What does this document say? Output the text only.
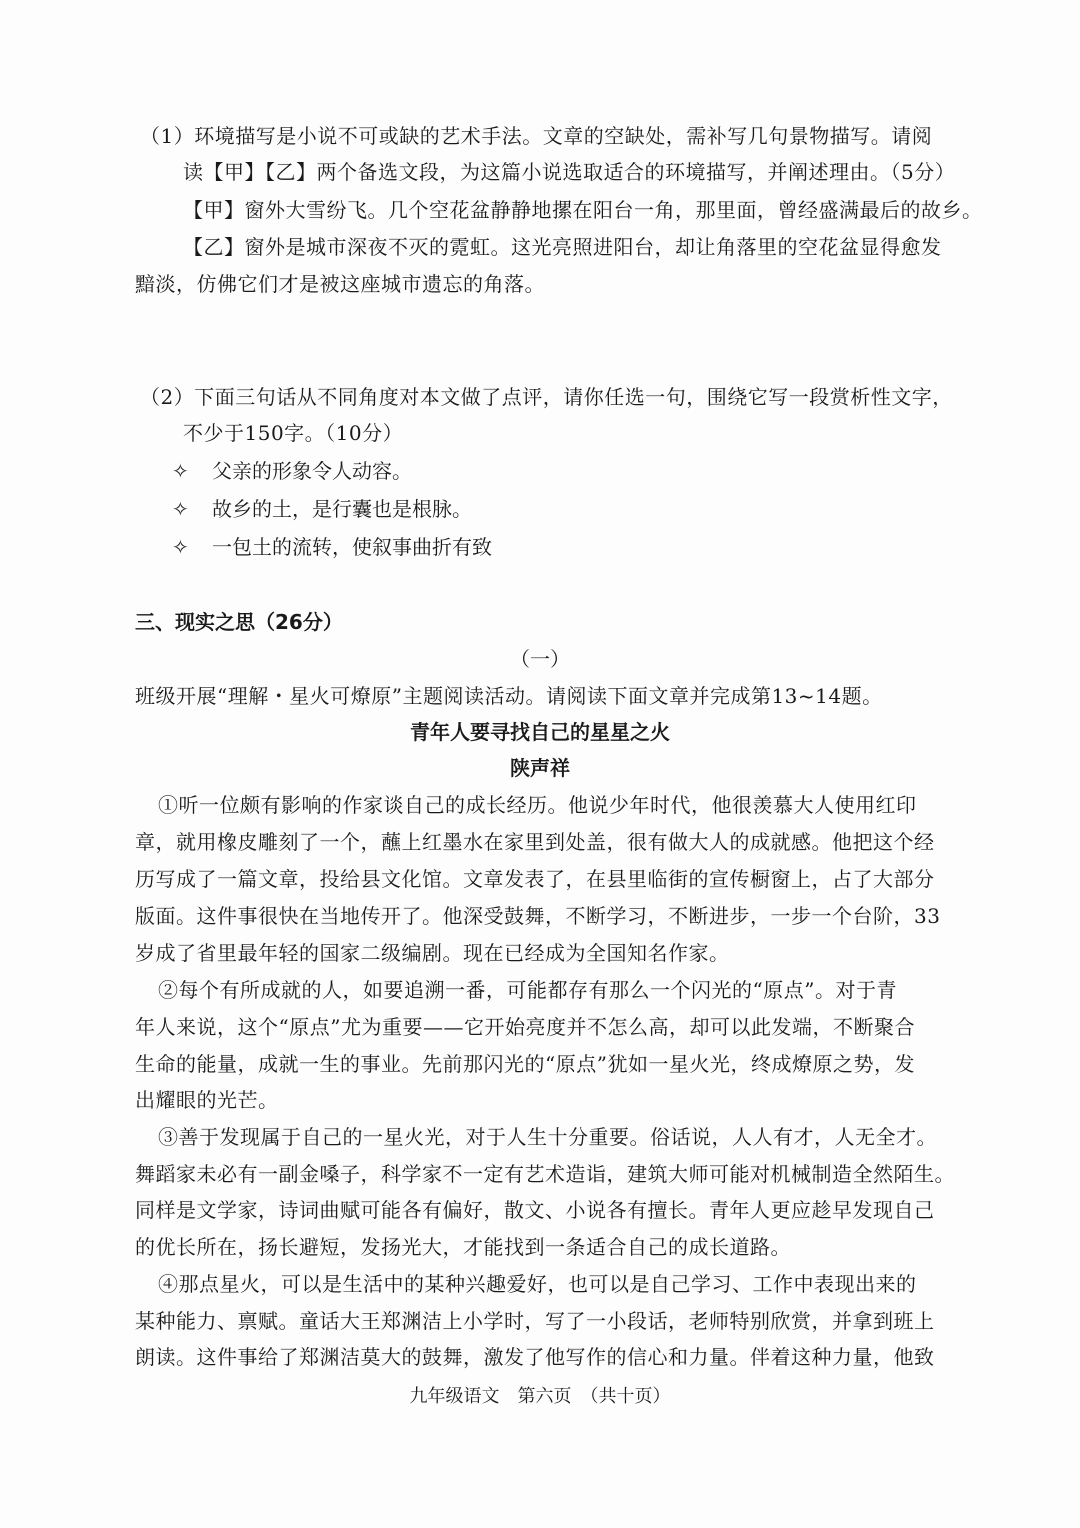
（1）环境描写是小说不可或缺的艺术手法。文章的空缺处，需补写几句景物描写。请阅
读【甲】【乙】两个备选文段，为这篇小说选取适合的环境描写，并阐述理由。（5分）
【甲】窗外大雪纷飞。几个空花盆静静地摞在阳台一角，那里面，曾经盛满最后的故乡。
【乙】窗外是城市深夜不灭的霓虹。这光亮照进阳台，却让角落里的空花盆显得愈发
黯淡，仿佛它们才是被这座城市遗忘的角落。
（2）下面三句话从不同角度对本文做了点评，请你任选一句，围绕它写一段赏析性文字，
不少于150字。（10分）
✧ 父亲的形象令人动容。
✧ 故乡的土，是行囊也是根脉。
✧ 一包土的流转，使叙事曲折有致
三、现实之思（26分）
（一）
班级开展“理解・星火可燎原”主题阅读活动。请阅读下面文章并完成第13~14题。
青年人要寻找自己的星星之火
陕声祥
①听一位颇有影响的作家谈自己的成长经历。他说少年时代，他很羡慕大人使用红印
章，就用橡皮雕刻了一个，蘸上红墨水在家里到处盖，很有做大人的成就感。他把这个经
历写成了一篇文章，投给县文化馆。文章发表了，在县里临街的宣传橱窗上，占了大部分
版面。这件事很快在当地传开了。他深受鼓舞，不断学习，不断进步，一步一个台阶，33
岁成了省里最年轻的国家二级编剧。现在已经成为全国知名作家。
②每个有所成就的人，如要追溯一番，可能都存有那么一个闪光的“原点”。对于青
年人来说，这个“原点”尤为重要——它开始亮度并不怎么高，却可以此发端，不断聚合
生命的能量，成就一生的事业。先前那闪光的“原点”犹如一星火光，终成燎原之势，发
出耀眼的光芒。
③善于发现属于自己的一星火光，对于人生十分重要。俗话说，人人有才，人无全才。
舞蹈家未必有一副金嗓子，科学家不一定有艺术造诣，建筑大师可能对机械制造全然陌生。
同样是文学家，诗词曲赋可能各有偏好，散文、小说各有擅长。青年人更应趁早发现自己
的优长所在，扬长避短，发扬光大，才能找到一条适合自己的成长道路。
④那点星火，可以是生活中的某种兴趣爱好，也可以是自己学习、工作中表现出来的
某种能力、禀赋。童话大王郑渊洁上小学时，写了一小段话，老师特别欣赏，并拿到班上
朗读。这件事给了郑渊洁莫大的鼓舞，激发了他写作的信心和力量。伴着这种力量，他致
九年级语文　第六页　（共十页）
